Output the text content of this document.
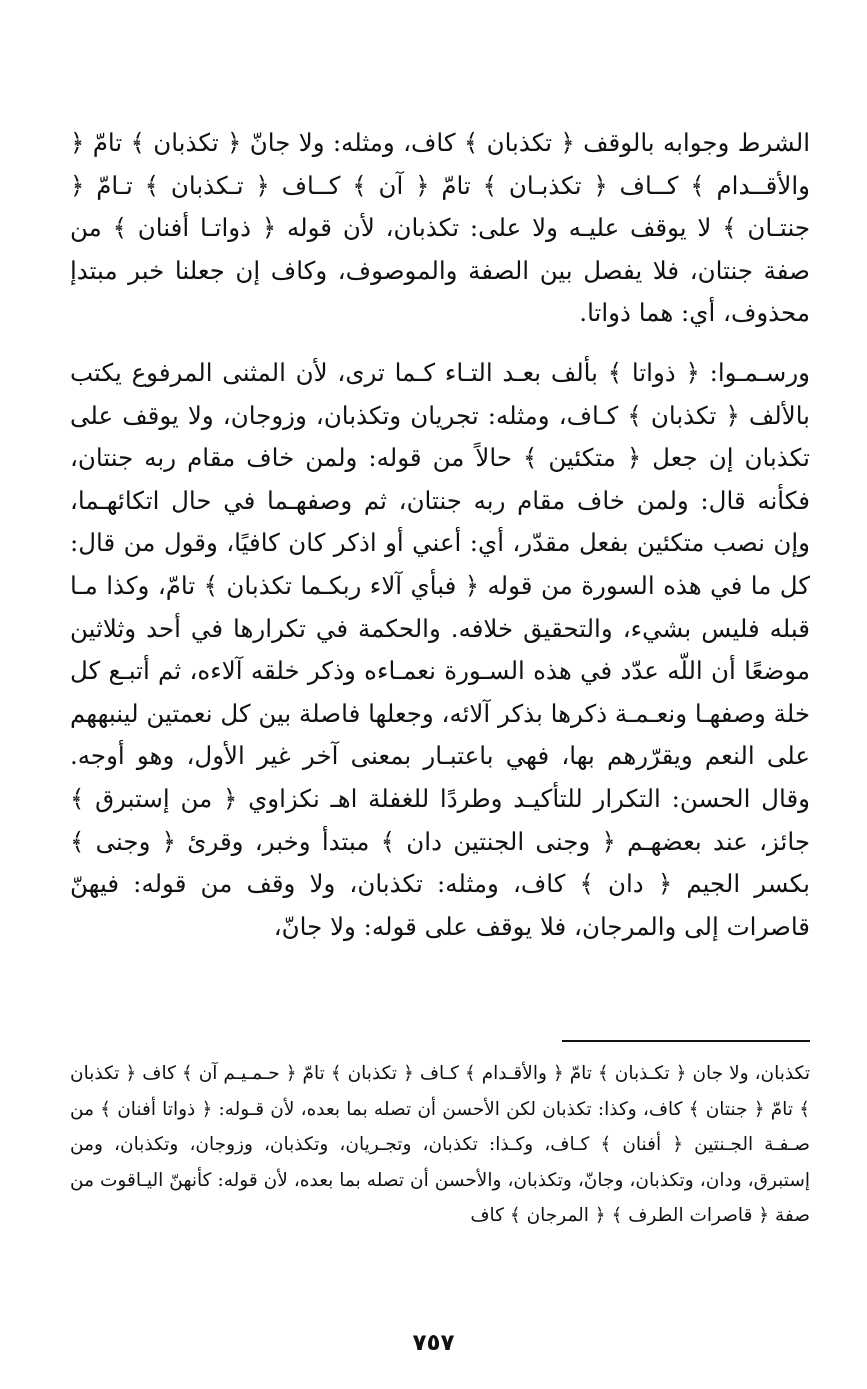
الشرط وجوابه بالوقف ﴿ تكذبان ﴾ كاف، ومثله: ولا جانّ ﴿ تكذبان ﴾ تامّ ﴿ والأقــدام ﴾ كــاف ﴿ تكذبـان ﴾ تامّ ﴿ آن ﴾ كــاف ﴿ تـكذبان ﴾ تـامّ ﴿ جنتـان ﴾ لا يوقف عليـه ولا على: تكذبان، لأن قوله ﴿ ذواتـا أفنان ﴾ من صفة جنتان، فلا يفصل بين الصفة والموصوف، وكاف إن جعلنا خبر مبتدإ محذوف، أي: هما ذواتا.

ورسـمـوا: ﴿ ذواتا ﴾ بألف بعـد التـاء كـما ترى، لأن المثنى المرفوع يكتب بالألف ﴿ تكذبان ﴾ كـاف، ومثله: تجريان وتكذبان، وزوجان، ولا يوقف على تكذبان إن جعل ﴿ متكئين ﴾ حالاً من قوله: ولمن خاف مقام ربه جنتان، فكأنه قال: ولمن خاف مقام ربه جنتان، ثم وصفهـما في حال اتكائهـما، وإن نصب متكئين بفعل مقدّر، أي: أعني أو اذكر كان كافيًا، وقول من قال: كل ما في هذه السورة من قوله ﴿ فبأي آلاء ربكـما تكذبان ﴾ تامّ، وكذا مـا قبله فليس بشيء، والتحقيق خلافه. والحكمة في تكرارها في أحد وثلاثين موضعًا أن اللّه عدّد في هذه السـورة نعمـاءه وذكر خلقه آلاءه، ثم أتبـع كل خلة وصفهـا ونعـمـة ذكرها بذكر آلائه، وجعلها فاصلة بين كل نعمتين لينبههم على النعم ويقرّرهم بها، فهي باعتبـار بمعنى آخر غير الأول، وهو أوجه. وقال الحسن: التكرار للتأكيـد وطردًا للغفلة اهـ نكزاوي ﴿ من إستبرق ﴾ جائز، عند بعضهـم ﴿ وجنى الجنتين دان ﴾ مبتدأ وخبر، وقرئ ﴿ وجنى ﴾ بكسر الجيم ﴿ دان ﴾ كاف، ومثله: تكذبان، ولا وقف من قوله: فيهنّ قاصرات إلى والمرجان، فلا يوقف على قوله: ولا جانّ،

تكذبان، ولا جان ﴿ تكـذبان ﴾ تامّ ﴿ والأقـدام ﴾ كـاف ﴿ تكذبان ﴾ تامّ ﴿ حـمـيـم آن ﴾ كاف ﴿ تكذبان ﴾ تامّ ﴿ جنتان ﴾ كاف، وكذا: تكذبان لكن الأحسن أن تصله بما بعده، لأن قـوله: ﴿ ذواتا أفنان ﴾ من صـفـة الجـنتين ﴿ أفنان ﴾ كـاف، وكـذا: تكذبان، وتجـريان، وتكذبان، وزوجان، وتكذبان، ومن إستبرق، ودان، وتكذبان، وجانّ، وتكذبان، والأحسن أن تصله بما بعده، لأن قوله: كأنهنّ اليـاقوت من صفة ﴿ قاصرات الطرف ﴾ ﴿ المرجان ﴾ كاف

٧٥٧
